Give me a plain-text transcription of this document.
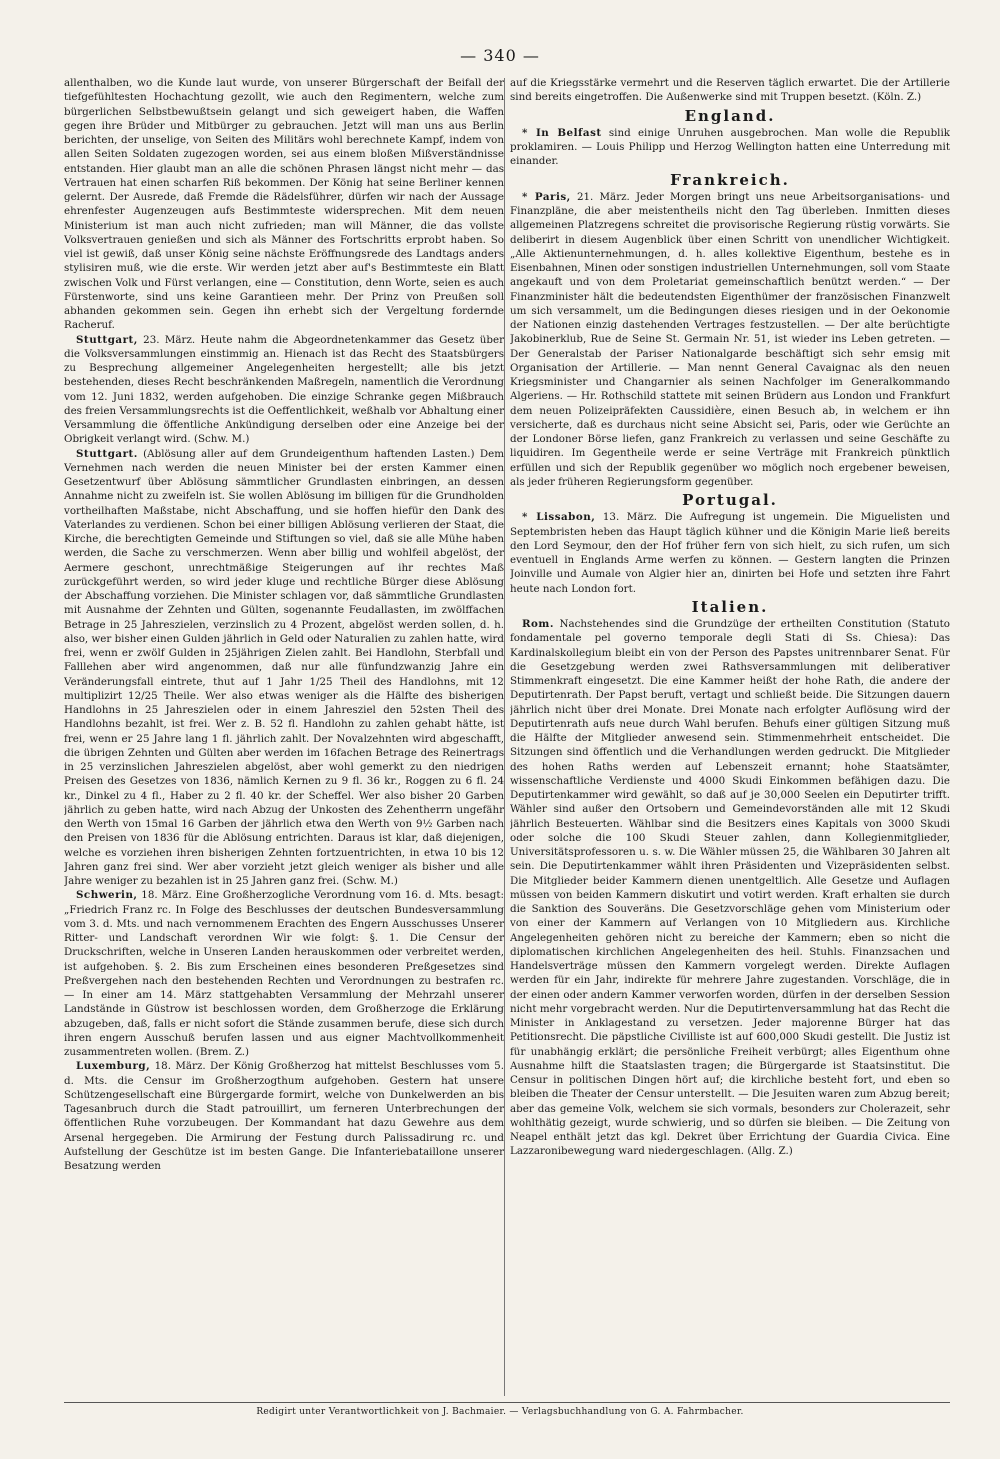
— 340 —

allenthalben, wo die Kunde laut wurde, von unserer Bürgerschaft der Beifall der tiefgefühltesten Hochachtung gezollt, wie auch den Regimentern, welche zum bürgerlichen Selbstbewußtsein gelangt und sich geweigert haben, die Waffen gegen ihre Brüder und Mitbürger zu gebrauchen. Jetzt will man uns aus Berlin berichten, der unselige, von Seiten des Militärs wohl berechnete Kampf, indem von allen Seiten Soldaten zugezogen worden, sei aus einem bloßen Mißverständnisse entstanden. Hier glaubt man an alle die schönen Phrasen längst nicht mehr — das Vertrauen hat einen scharfen Riß bekommen. Der König hat seine Berliner kennen gelernt. Der Ausrede, daß Fremde die Rädelsführer, dürfen wir nach der Aussage ehrenfester Augenzeugen aufs Bestimmteste widersprechen. Mit dem neuen Ministerium ist man auch nicht zufrieden; man will Männer, die das vollste Volksvertrauen genießen und sich als Männer des Fortschritts erprobt haben. So viel ist gewiß, daß unser König seine nächste Eröffnungsrede des Landtags anders stylisiren muß, wie die erste. Wir werden jetzt aber auf's Bestimmteste ein Blatt zwischen Volk und Fürst verlangen, eine — Constitution, denn Worte, seien es auch Fürstenworte, sind uns keine Garantieen mehr. Der Prinz von Preußen soll abhanden gekommen sein. Gegen ihn erhebt sich der Vergeltung fordernde Racheruf.

Stuttgart, 23. März. Heute nahm die Abgeordnetenkammer das Gesetz über die Volksversammlungen einstimmig an. Hienach ist das Recht des Staatsbürgers zu Besprechung allgemeiner Angelegenheiten hergestellt; alle bis jetzt bestehenden, dieses Recht beschränkenden Maßregeln, namentlich die Verordnung vom 12. Juni 1832, werden aufgehoben. Die einzige Schranke gegen Mißbrauch des freien Versammlungsrechts ist die Oeffentlichkeit, weßhalb vor Abhaltung einer Versammlung die öffentliche Ankündigung derselben oder eine Anzeige bei der Obrigkeit verlangt wird. (Schw. M.)

Stuttgart. (Ablösung aller auf dem Grundeigenthum haftenden Lasten.) Dem Vernehmen nach werden die neuen Minister bei der ersten Kammer einen Gesetzentwurf über Ablösung sämmtlicher Grundlasten einbringen, an dessen Annahme nicht zu zweifeln ist. Sie wollen Ablösung im billigen für die Grundholden vortheilhaften Maßstabe, nicht Abschaffung, und sie hoffen hiefür den Dank des Vaterlandes zu verdienen. Schon bei einer billigen Ablösung verlieren der Staat, die Kirche, die berechtigten Gemeinde und Stiftungen so viel, daß sie alle Mühe haben werden, die Sache zu verschmerzen. Wenn aber billig und wohlfeil abgelöst, der Aermere geschont, unrechtmäßige Steigerungen auf ihr rechtes Maß zurückgeführt werden, so wird jeder kluge und rechtliche Bürger diese Ablösung der Abschaffung vorziehen. Die Minister schlagen vor, daß sämmtliche Grundlasten mit Ausnahme der Zehnten und Gülten, sogenannte Feudallasten, im zwölffachen Betrage in 25 Jahreszielen, verzinslich zu 4 Prozent, abgelöst werden sollen, d. h. also, wer bisher einen Gulden jährlich in Geld oder Naturalien zu zahlen hatte, wird frei, wenn er zwölf Gulden in 25jährigen Zielen zahlt. Bei Handlohn, Sterbfall und Falllehen aber wird angenommen, daß nur alle fünfundzwanzig Jahre ein Veränderungsfall eintrete, thut auf 1 Jahr 1/25 Theil des Handlohns, mit 12 multiplizirt 12/25 Theile. Wer also etwas weniger als die Hälfte des bisherigen Handlohns in 25 Jahreszielen oder in einem Jahresziel den 52sten Theil des Handlohns bezahlt, ist frei. Wer z. B. 52 fl. Handlohn zu zahlen gehabt hätte, ist frei, wenn er 25 Jahre lang 1 fl. jährlich zahlt. Der Novalzehnten wird abgeschafft, die übrigen Zehnten und Gülten aber werden im 16fachen Betrage des Reinertrags in 25 verzinslichen Jahreszielen abgelöst, aber wohl gemerkt zu den niedrigen Preisen des Gesetzes von 1836, nämlich Kernen zu 9 fl. 36 kr., Roggen zu 6 fl. 24 kr., Dinkel zu 4 fl., Haber zu 2 fl. 40 kr. der Scheffel. Wer also bisher 20 Garben jährlich zu geben hatte, wird nach Abzug der Unkosten des Zehentherrn ungefähr den Werth von 15mal 16 Garben der jährlich etwa den Werth von 9½ Garben nach den Preisen von 1836 für die Ablösung entrichten. Daraus ist klar, daß diejenigen, welche es vorziehen ihren bisherigen Zehnten fortzuentrichten, in etwa 10 bis 12 Jahren ganz frei sind. Wer aber vorzieht jetzt gleich weniger als bisher und alle Jahre weniger zu bezahlen ist in 25 Jahren ganz frei. (Schw. M.)

Schwerin, 18. März. Eine Großherzogliche Verordnung vom 16. d. Mts. besagt: „Friedrich Franz rc. In Folge des Beschlusses der deutschen Bundesversammlung vom 3. d. Mts. und nach vernommenem Erachten des Engern Ausschusses Unserer Ritter- und Landschaft verordnen Wir wie folgt: §. 1. Die Censur der Druckschriften, welche in Unseren Landen herauskommen oder verbreitet werden, ist aufgehoben. §. 2. Bis zum Erscheinen eines besonderen Preßgesetzes sind Preßvergehen nach den bestehenden Rechten und Verordnungen zu bestrafen rc. — In einer am 14. März stattgehabten Versammlung der Mehrzahl unserer Landstände in Güstrow ist beschlossen worden, dem Großherzoge die Erklärung abzugeben, daß, falls er nicht sofort die Stände zusammen berufe, diese sich durch ihren engern Ausschuß berufen lassen und aus eigner Machtvollkommenheit zusammentreten wollen. (Brem. Z.)

Luxemburg, 18. März. Der König Großherzog hat mittelst Beschlusses vom 5. d. Mts. die Censur im Großherzogthum aufgehoben. Gestern hat unsere Schützengesellschaft eine Bürgergarde formirt, welche von Dunkelwerden an bis Tagesanbruch durch die Stadt patrouillirt, um ferneren Unterbrechungen der öffentlichen Ruhe vorzubeugen. Der Kommandant hat dazu Gewehre aus dem Arsenal hergegeben. Die Armirung der Festung durch Palissadirung rc. und Aufstellung der Geschütze ist im besten Gange. Die Infanteriebataillone unserer Besatzung werden

auf die Kriegsstärke vermehrt und die Reserven täglich erwartet. Die der Artillerie sind bereits eingetroffen. Die Außenwerke sind mit Truppen besetzt. (Köln. Z.)

England.

* In Belfast sind einige Unruhen ausgebrochen. Man wolle die Republik proklamiren. — Louis Philipp und Herzog Wellington hatten eine Unterredung mit einander.

Frankreich.

* Paris, 21. März. Jeder Morgen bringt uns neue Arbeitsorganisations- und Finanzpläne, die aber meistentheils nicht den Tag überleben. Inmitten dieses allgemeinen Platzregens schreitet die provisorische Regierung rüstig vorwärts. Sie deliberirt in diesem Augenblick über einen Schritt von unendlicher Wichtigkeit. „Alle Aktienunternehmungen, d. h. alles kollektive Eigenthum, bestehe es in Eisenbahnen, Minen oder sonstigen industriellen Unternehmungen, soll vom Staate angekauft und von dem Proletariat gemeinschaftlich benützt werden.“ — Der Finanzminister hält die bedeutendsten Eigenthümer der französischen Finanzwelt um sich versammelt, um die Bedingungen dieses riesigen und in der Oekonomie der Nationen einzig dastehenden Vertrages festzustellen. — Der alte berüchtigte Jakobinerklub, Rue de Seine St. Germain Nr. 51, ist wieder ins Leben getreten. — Der Generalstab der Pariser Nationalgarde beschäftigt sich sehr emsig mit Organisation der Artillerie. — Man nennt General Cavaignac als den neuen Kriegsminister und Changarnier als seinen Nachfolger im Generalkommando Algeriens. — Hr. Rothschild stattete mit seinen Brüdern aus London und Frankfurt dem neuen Polizeipräfekten Caussidière, einen Besuch ab, in welchem er ihn versicherte, daß es durchaus nicht seine Absicht sei, Paris, oder wie Gerüchte an der Londoner Börse liefen, ganz Frankreich zu verlassen und seine Geschäfte zu liquidiren. Im Gegentheile werde er seine Verträge mit Frankreich pünktlich erfüllen und sich der Republik gegenüber wo möglich noch ergebener beweisen, als jeder früheren Regierungsform gegenüber.

Portugal.

* Lissabon, 13. März. Die Aufregung ist ungemein. Die Miguelisten und Septembristen heben das Haupt täglich kühner und die Königin Marie ließ bereits den Lord Seymour, den der Hof früher fern von sich hielt, zu sich rufen, um sich eventuell in Englands Arme werfen zu können. — Gestern langten die Prinzen Joinville und Aumale von Algier hier an, dinirten bei Hofe und setzten ihre Fahrt heute nach London fort.

Italien.

Rom. Nachstehendes sind die Grundzüge der ertheilten Constitution (Statuto fondamentale pel governo temporale degli Stati di Ss. Chiesa): Das Kardinalskollegium bleibt ein von der Person des Papstes unitrennbarer Senat. Für die Gesetzgebung werden zwei Rathsversammlungen mit deliberativer Stimmenkraft eingesetzt. Die eine Kammer heißt der hohe Rath, die andere der Deputirtenrath. Der Papst beruft, vertagt und schließt beide. Die Sitzungen dauern jährlich nicht über drei Monate. Drei Monate nach erfolgter Auflösung wird der Deputirtenrath aufs neue durch Wahl berufen. Behufs einer gültigen Sitzung muß die Hälfte der Mitglieder anwesend sein. Stimmenmehrheit entscheidet. Die Sitzungen sind öffentlich und die Verhandlungen werden gedruckt. Die Mitglieder des hohen Raths werden auf Lebenszeit ernannt; hohe Staatsämter, wissenschaftliche Verdienste und 4000 Skudi Einkommen befähigen dazu. Die Deputirtenkammer wird gewählt, so daß auf je 30,000 Seelen ein Deputirter trifft. Wähler sind außer den Ortsobern und Gemeindevorständen alle mit 12 Skudi jährlich Besteuerten. Wählbar sind die Besitzers eines Kapitals von 3000 Skudi oder solche die 100 Skudi Steuer zahlen, dann Kollegienmitglieder, Universitätsprofessoren u. s. w. Die Wähler müssen 25, die Wählbaren 30 Jahren alt sein. Die Deputirtenkammer wählt ihren Präsidenten und Vizepräsidenten selbst. Die Mitglieder beider Kammern dienen unentgeltlich. Alle Gesetze und Auflagen müssen von beiden Kammern diskutirt und votirt werden. Kraft erhalten sie durch die Sanktion des Souveräns. Die Gesetzvorschläge gehen vom Ministerium oder von einer der Kammern auf Verlangen von 10 Mitgliedern aus. Kirchliche Angelegenheiten gehören nicht zu bereiche der Kammern; eben so nicht die diplomatischen kirchlichen Angelegenheiten des heil. Stuhls. Finanzsachen und Handelsverträge müssen den Kammern vorgelegt werden. Direkte Auflagen werden für ein Jahr, indirekte für mehrere Jahre zugestanden. Vorschläge, die in der einen oder andern Kammer verworfen worden, dürfen in der derselben Session nicht mehr vorgebracht werden. Nur die Deputirtenversammlung hat das Recht die Minister in Anklagestand zu versetzen. Jeder majorenne Bürger hat das Petitionsrecht. Die päpstliche Civilliste ist auf 600,000 Skudi gestellt. Die Justiz ist für unabhängig erklärt; die persönliche Freiheit verbürgt; alles Eigenthum ohne Ausnahme hilft die Staatslasten tragen; die Bürgergarde ist Staatsinstitut. Die Censur in politischen Dingen hört auf; die kirchliche besteht fort, und eben so bleiben die Theater der Censur unterstellt. — Die Jesuiten waren zum Abzug bereit; aber das gemeine Volk, welchem sie sich vormals, besonders zur Cholerazeit, sehr wohlthätig gezeigt, wurde schwierig, und so dürfen sie bleiben. — Die Zeitung von Neapel enthält jetzt das kgl. Dekret über Errichtung der Guardia Civica. Eine Lazzaronibewegung ward niedergeschlagen. (Allg. Z.)

Redigirt unter Verantwortlichkeit von J. Bachmaier. — Verlagsbuchhandlung von G. A. Fahrmbacher.
